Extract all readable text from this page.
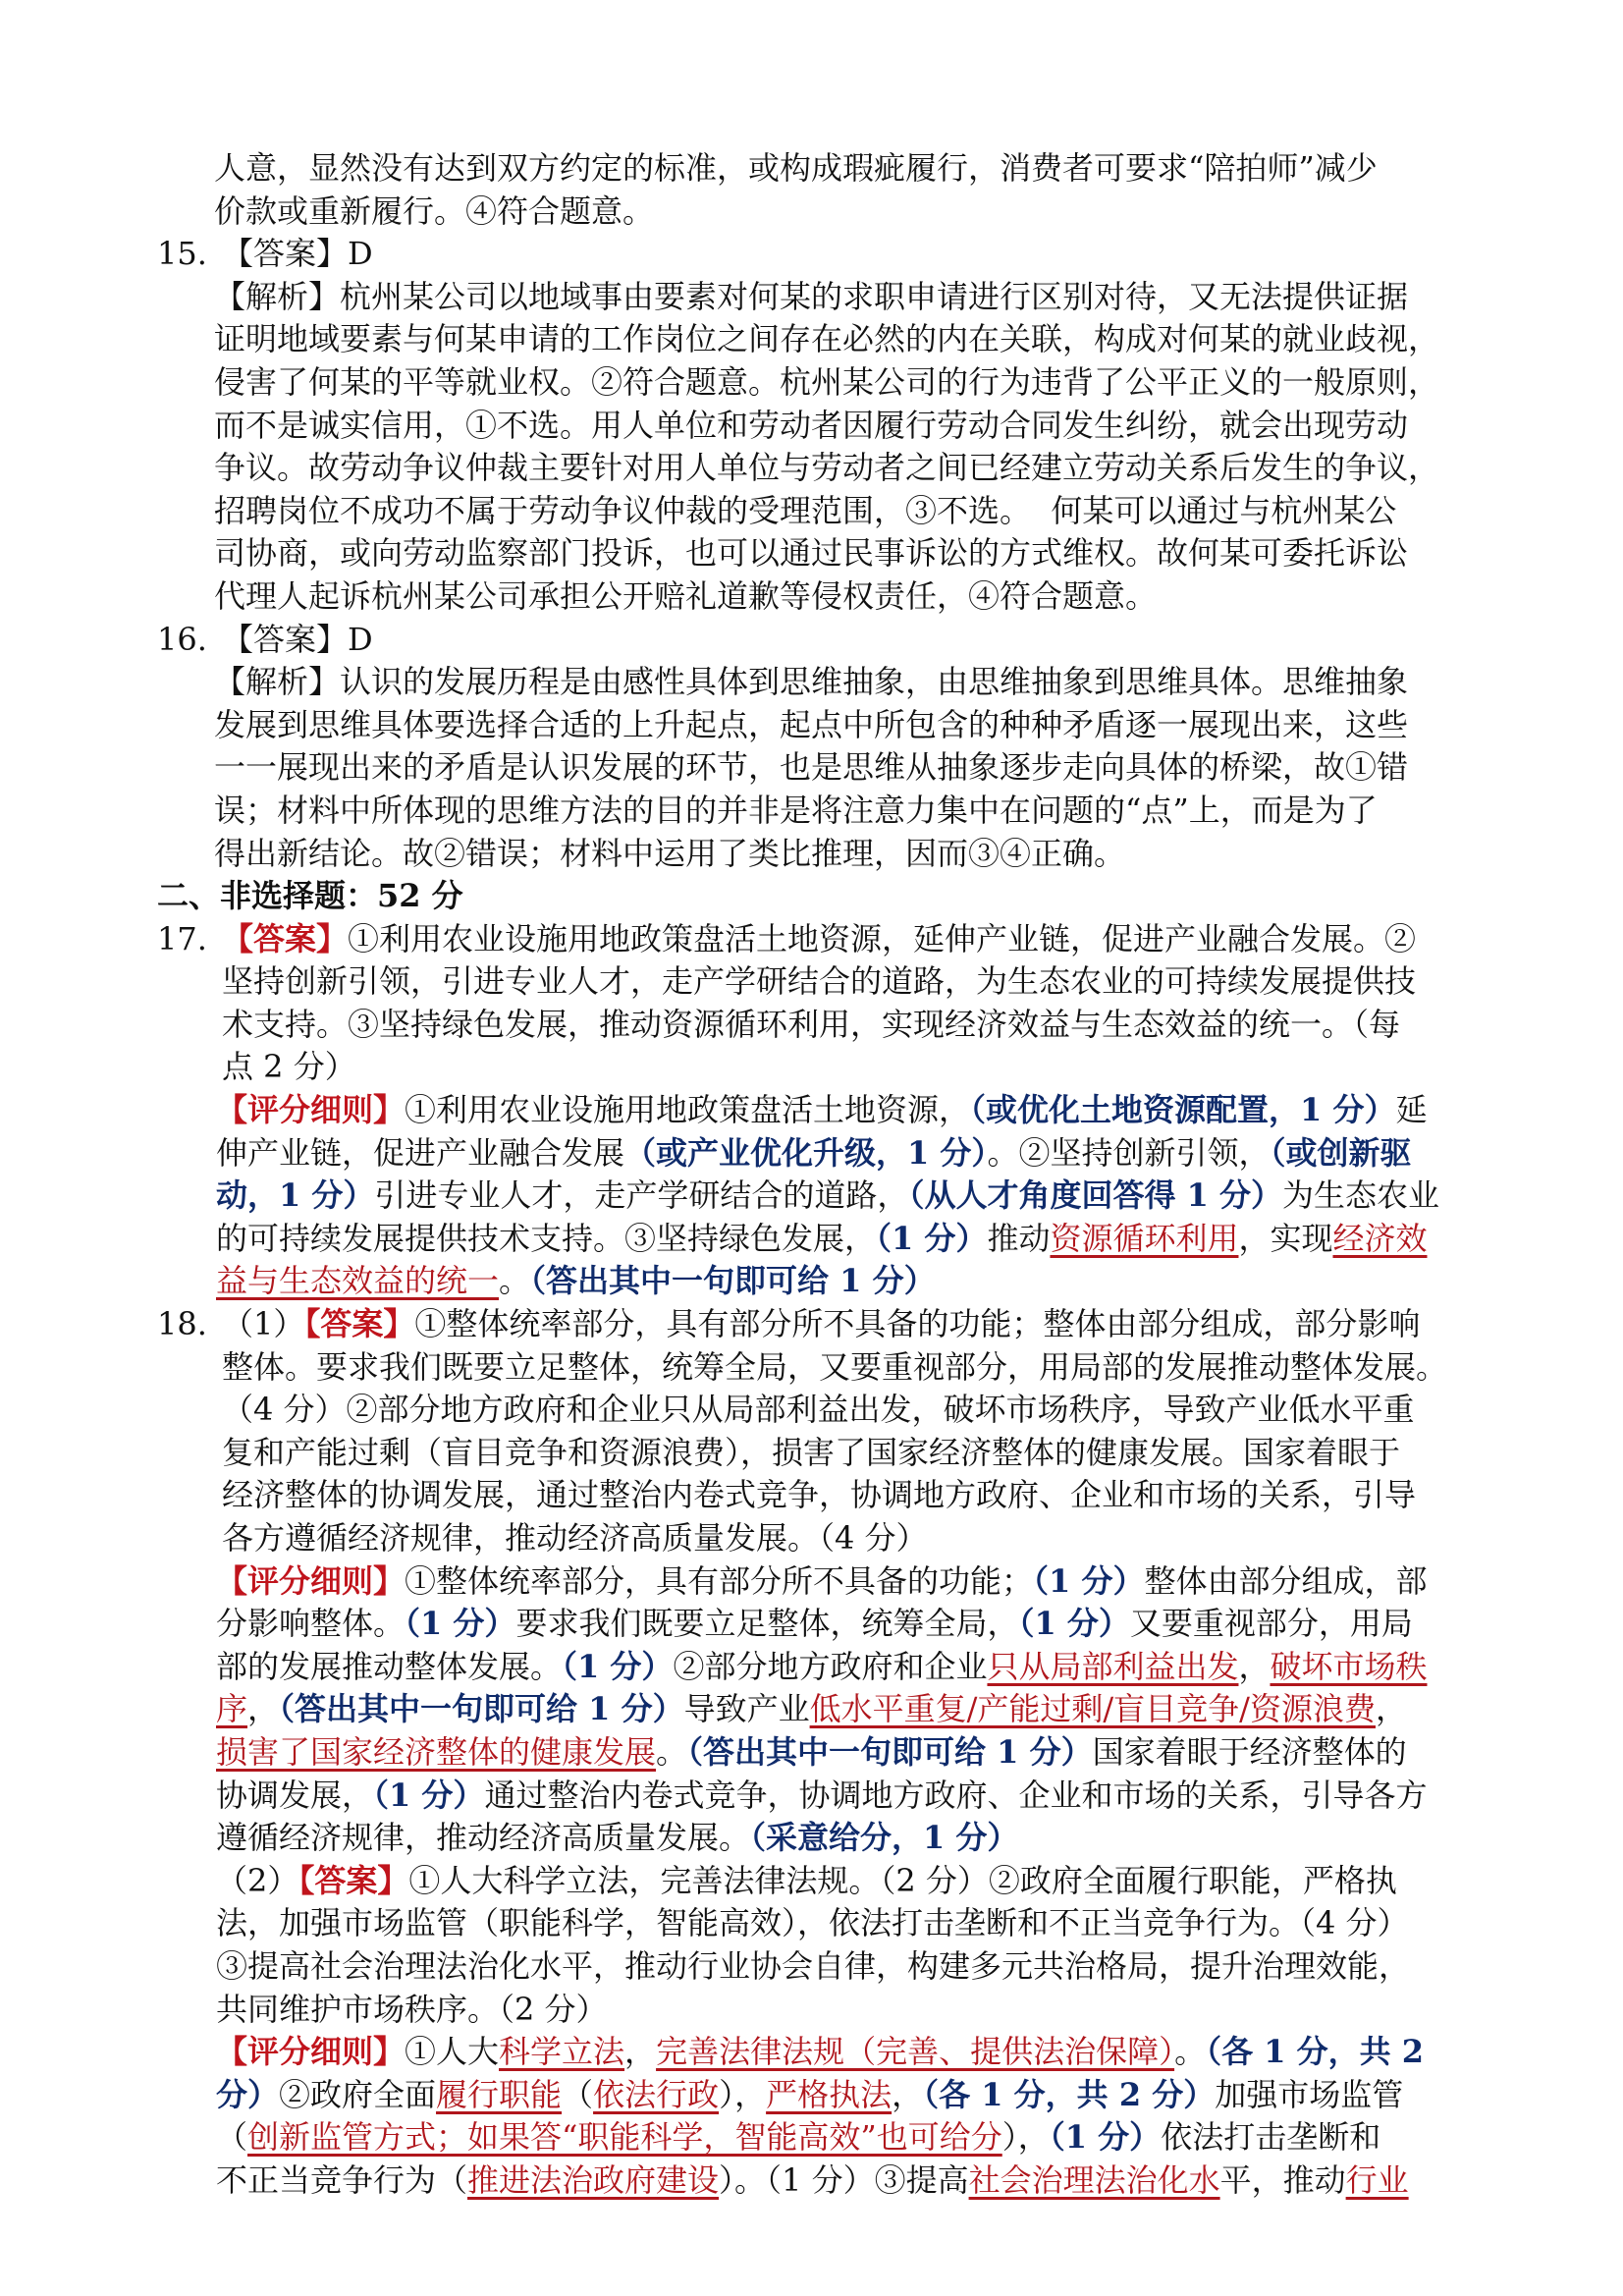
人意，显然没有达到双方约定的标准，或构成瑕疵履行，消费者可要求“陪拍师”减少
价款或重新履行。④符合题意。
15. 【答案】D
【解析】杭州某公司以地域事由要素对何某的求职申请进行区别对待，又无法提供证据
证明地域要素与何某申请的工作岗位之间存在必然的内在关联，构成对何某的就业歧视，
侵害了何某的平等就业权。②符合题意。杭州某公司的行为违背了公平正义的一般原则，
而不是诚实信用，①不选。用人单位和劳动者因履行劳动合同发生纠纷，就会出现劳动
争议。故劳动争议仲裁主要针对用人单位与劳动者之间已经建立劳动关系后发生的争议，
招聘岗位不成功不属于劳动争议仲裁的受理范围，③不选。  何某可以通过与杭州某公
司协商，或向劳动监察部门投诉，也可以通过民事诉讼的方式维权。故何某可委托诉讼
代理人起诉杭州某公司承担公开赔礼道歉等侵权责任，④符合题意。
16. 【答案】D
【解析】认识的发展历程是由感性具体到思维抽象，由思维抽象到思维具体。思维抽象
发展到思维具体要选择合适的上升起点，起点中所包含的种种矛盾逐一展现出来，这些
一一展现出来的矛盾是认识发展的环节，也是思维从抽象逐步走向具体的桥梁，故①错
误；材料中所体现的思维方法的目的并非是将注意力集中在问题的“点”上，而是为了
得出新结论。故②错误；材料中运用了类比推理，因而③④正确。
二、非选择题：52 分
17. 【答案】①利用农业设施用地政策盘活土地资源，延伸产业链，促进产业融合发展。②
坚持创新引领，引进专业人才，走产学研结合的道路，为生态农业的可持续发展提供技
术支持。③坚持绿色发展，推动资源循环利用，实现经济效益与生态效益的统一。（每
点 2 分）
【评分细则】①利用农业设施用地政策盘活土地资源，（或优化土地资源配置，1 分）延
伸产业链，促进产业融合发展（或产业优化升级，1 分）。②坚持创新引领，（或创新驱
动，1 分）引进专业人才，走产学研结合的道路，（从人才角度回答得 1 分）为生态农业
的可持续发展提供技术支持。③坚持绿色发展，（1 分）推动资源循环利用，实现经济效
益与生态效益的统一。（答出其中一句即可给 1 分）
18. （1）【答案】①整体统率部分，具有部分所不具备的功能；整体由部分组成，部分影响
整体。要求我们既要立足整体，统筹全局，又要重视部分，用局部的发展推动整体发展。
（4 分）②部分地方政府和企业只从局部利益出发，破坏市场秩序，导致产业低水平重
复和产能过剩（盲目竞争和资源浪费），损害了国家经济整体的健康发展。国家着眼于
经济整体的协调发展，通过整治内卷式竞争，协调地方政府、企业和市场的关系，引导
各方遵循经济规律，推动经济高质量发展。（4 分）
【评分细则】①整体统率部分，具有部分所不具备的功能；（1 分）整体由部分组成，部
分影响整体。（1 分）要求我们既要立足整体，统筹全局，（1 分）又要重视部分，用局
部的发展推动整体发展。（1 分）②部分地方政府和企业只从局部利益出发，破坏市场秩
序，（答出其中一句即可给 1 分）导致产业低水平重复/产能过剩/盲目竞争/资源浪费，
损害了国家经济整体的健康发展。（答出其中一句即可给 1 分）国家着眼于经济整体的
协调发展，（1 分）通过整治内卷式竞争，协调地方政府、企业和市场的关系，引导各方
遵循经济规律，推动经济高质量发展。（采意给分，1 分）
（2）【答案】①人大科学立法，完善法律法规。（2 分）②政府全面履行职能，严格执
法，加强市场监管（职能科学，智能高效），依法打击垄断和不正当竞争行为。（4 分）
③提高社会治理法治化水平，推动行业协会自律，构建多元共治格局，提升治理效能，
共同维护市场秩序。（2 分）
【评分细则】①人大科学立法，完善法律法规（完善、提供法治保障）。（各 1 分，共 2
分）②政府全面履行职能（依法行政），严格执法，（各 1 分，共 2 分）加强市场监管
（创新监管方式；如果答“职能科学，智能高效”也可给分），（1 分）依法打击垄断和
不正当竞争行为（推进法治政府建设）。（1 分）③提高社会治理法治化水平，推动行业
